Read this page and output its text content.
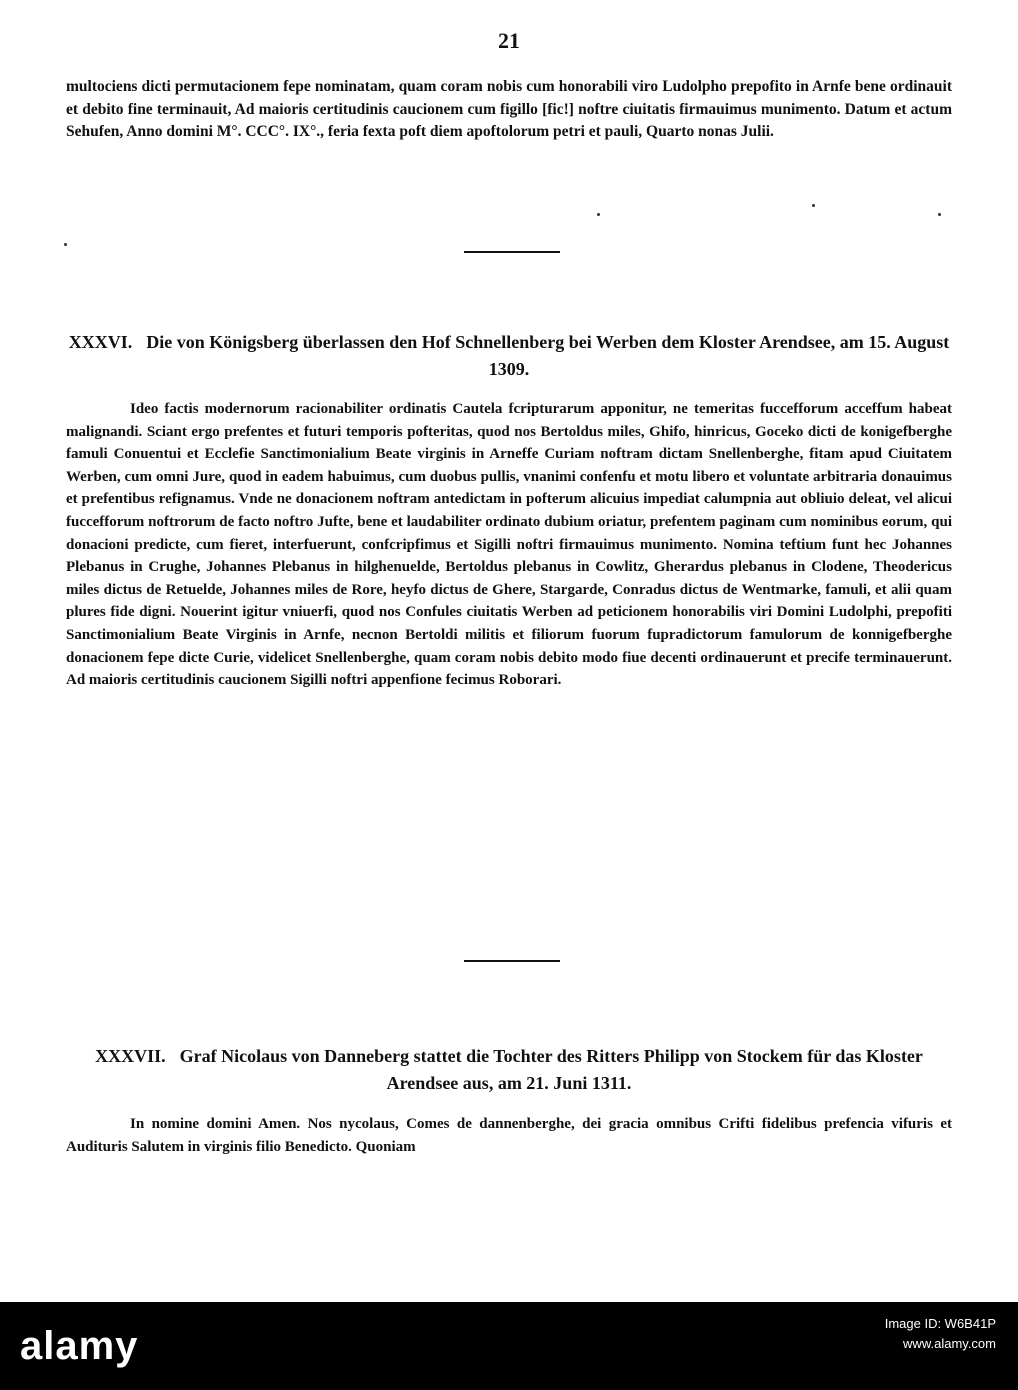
21

multociens dicti permutacionem fepe nominatam, quam coram nobis cum honorabili viro Ludolpho prepofito in Arnfe bene ordinauit et debito fine terminauit, Ad maioris certitudinis caucionem cum figillo [fic!] noftre ciuitatis firmauimus munimento. Datum et actum Sehufen, Anno domini M°. CCC°. IX°., feria fexta poft diem apoftolorum petri et pauli, Quarto nonas Julii.

XXXVI. Die von Königsberg überlassen den Hof Schnellenberg bei Werben dem Kloster Arendsee, am 15. August 1309.

Ideo factis modernorum racionabiliter ordinatis Cautela fcripturarum apponitur, ne temeritas fuccefforum acceffum habeat malignandi. Sciant ergo prefentes et futuri temporis pofteritas, quod nos Bertoldus miles, Ghifo, hinricus, Goceko dicti de konigefberghe famuli Conuentui et Ecclefie Sanctimonialium Beate virginis in Arneffe Curiam noftram dictam Snellenberghe, fitam apud Ciuitatem Werben, cum omni Jure, quod in eadem habuimus, cum duobus pullis, vnanimi confenfu et motu libero et voluntate arbitraria donauimus et prefentibus refignamus. Vnde ne donacionem noftram antedictam in pofterum alicuius impediat calumpnia aut obliuio deleat, vel alicui fuccefforum noftrorum de facto noftro Jufte, bene et laudabiliter ordinato dubium oriatur, prefentem paginam cum nominibus eorum, qui donacioni predicte, cum fieret, interfuerunt, confcripfimus et Sigilli noftri firmauimus munimento. Nomina teftium funt hec Johannes Plebanus in Crughe, Johannes Plebanus in hilghenuelde, Bertoldus plebanus in Cowlitz, Gherardus plebanus in Clodene, Theodericus miles dictus de Retuelde, Johannes miles de Rore, heyfo dictus de Ghere, Stargarde, Conradus dictus de Wentmarke, famuli, et alii quam plures fide digni. Nouerint igitur vniuerfi, quod nos Confules ciuitatis Werben ad peticionem honorabilis viri Domini Ludolphi, prepofiti Sanctimonialium Beate Virginis in Arnfe, necnon Bertoldi militis et filiorum fuorum fupradictorum famulorum de konnigefberghe donacionem fepe dicte Curie, videlicet Snellenberghe, quam coram nobis debito modo fiue decenti ordinauerunt et precife terminauerunt. Ad maioris certitudinis caucionem Sigilli noftri appenfione fecimus Roborari.

XXXVII. Graf Nicolaus von Danneberg stattet die Tochter des Ritters Philipp von Stockem für das Kloster Arendsee aus, am 21. Juni 1311.

In nomine domini Amen. Nos nycolaus, Comes de dannenberghe, dei gracia omnibus Crifti fidelibus prefencia vifuris et Audituris Salutem in virginis filio Benedicto. Quoniam

alamy
Image ID: W6B41P
www.alamy.com
